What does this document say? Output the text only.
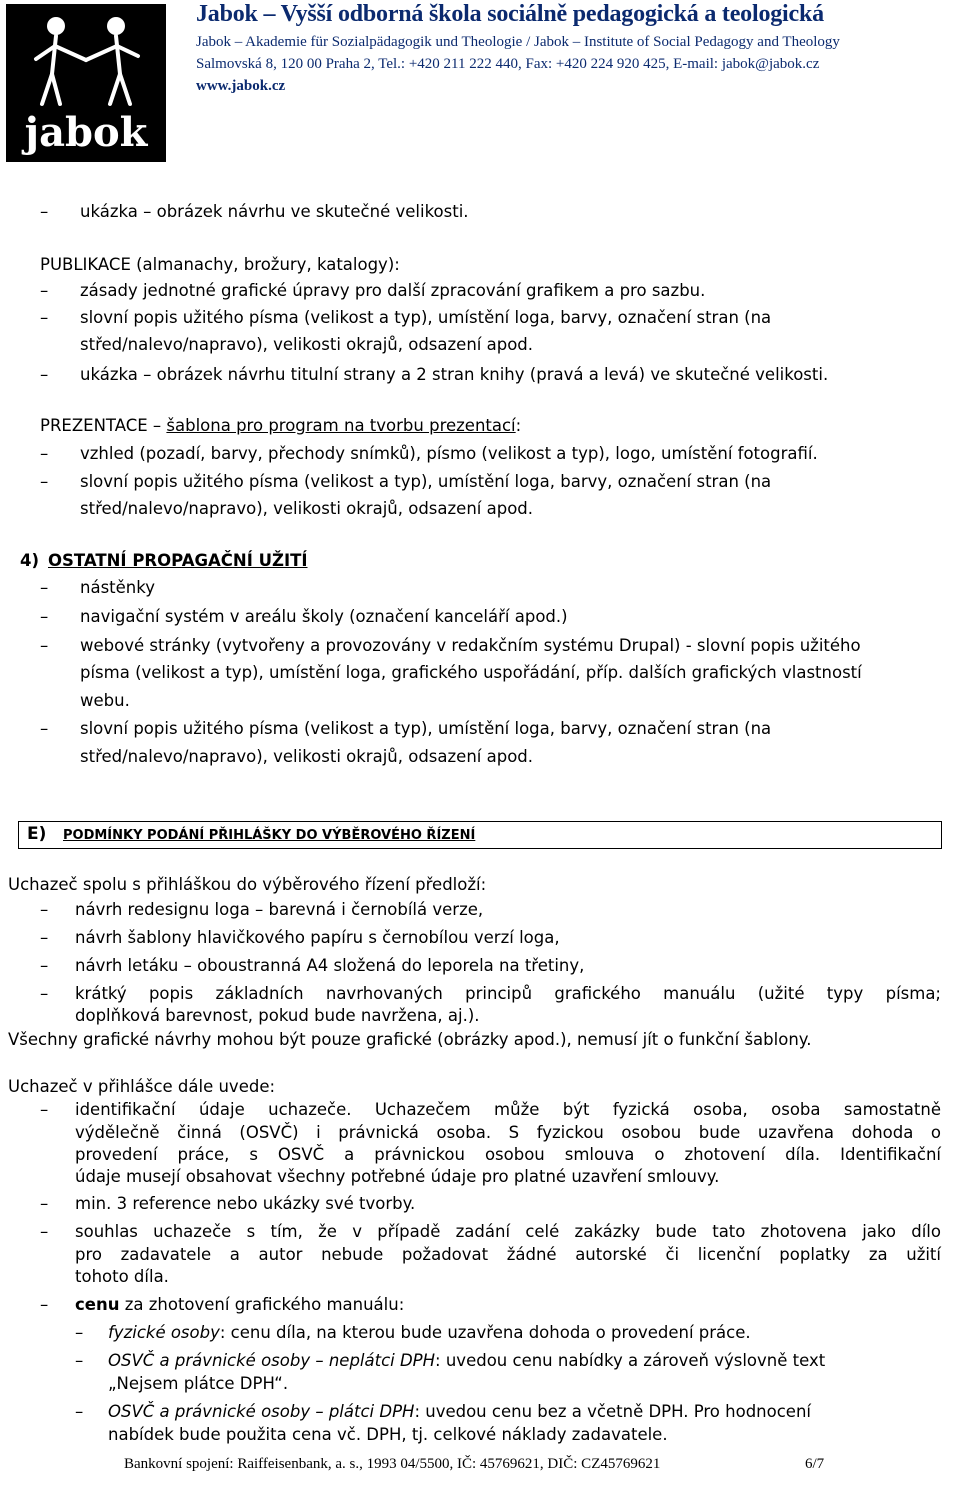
jabok
Jabok – Vyšší odborná škola sociálně pedagogická a teologická
Jabok – Akademie für Sozialpädagogik und Theologie / Jabok – Institute of Social Pedagogy and Theology
Salmovská 8, 120 00 Praha 2, Tel.: +420 211 222 440, Fax: +420 224 920 425, E-mail: jabok@jabok.cz
www.jabok.cz
– ukázka – obrázek návrhu ve skutečné velikosti.
PUBLIKACE (almanachy, brožury, katalogy):
– zásady jednotné grafické úpravy pro další zpracování grafikem a pro sazbu.
– slovní popis užitého písma (velikost a typ), umístění loga, barvy, označení stran (na
střed/nalevo/napravo), velikosti okrajů, odsazení apod.
– ukázka – obrázek návrhu titulní strany a 2 stran knihy (pravá a levá) ve skutečné velikosti.
PREZENTACE – šablona pro program na tvorbu prezentací:
– vzhled (pozadí, barvy, přechody snímků), písmo (velikost a typ), logo, umístění fotografií.
– slovní popis užitého písma (velikost a typ), umístění loga, barvy, označení stran (na
střed/nalevo/napravo), velikosti okrajů, odsazení apod.
4) OSTATNÍ PROPAGAČNÍ UŽITÍ
– nástěnky
– navigační systém v areálu školy (označení kanceláří apod.)
– webové stránky (vytvořeny a provozovány v redakčním systému Drupal) - slovní popis užitého
písma (velikost a typ), umístění loga, grafického uspořádání, příp. dalších grafických vlastností
webu.
– slovní popis užitého písma (velikost a typ), umístění loga, barvy, označení stran (na
střed/nalevo/napravo), velikosti okrajů, odsazení apod.
E) PODMÍNKY PODÁNÍ PŘIHLÁŠKY DO VÝBĚROVÉHO ŘÍZENÍ
Uchazeč spolu s přihláškou do výběrového řízení předloží:
– návrh redesignu loga – barevná i černobílá verze,
– návrh šablony hlavičkového papíru s černobílou verzí loga,
– návrh letáku – oboustranná A4 složená do leporela na třetiny,
– krátký popis základních navrhovaných principů grafického manuálu (užité typy písma;
doplňková barevnost, pokud bude navržena, aj.).
Všechny grafické návrhy mohou být pouze grafické (obrázky apod.), nemusí jít o funkční šablony.
Uchazeč v přihlášce dále uvede:
– identifikační údaje uchazeče. Uchazečem může být fyzická osoba, osoba samostatně
výdělečně činná (OSVČ) i právnická osoba. S fyzickou osobou bude uzavřena dohoda o
provedení práce, s OSVČ a právnickou osobou smlouva o zhotovení díla. Identifikační
údaje musejí obsahovat všechny potřebné údaje pro platné uzavření smlouvy.
– min. 3 reference nebo ukázky své tvorby.
– souhlas uchazeče s tím, že v případě zadání celé zakázky bude tato zhotovena jako dílo
pro zadavatele a autor nebude požadovat žádné autorské či licenční poplatky za užití
tohoto díla.
– cenu za zhotovení grafického manuálu:
– fyzické osoby: cenu díla, na kterou bude uzavřena dohoda o provedení práce.
– OSVČ a právnické osoby – neplátci DPH: uvedou cenu nabídky a zároveň výslovně text
„Nejsem plátce DPH“.
– OSVČ a právnické osoby – plátci DPH: uvedou cenu bez a včetně DPH. Pro hodnocení
nabídek bude použita cena vč. DPH, tj. celkové náklady zadavatele.
Bankovní spojení: Raiffeisenbank, a. s., 1993 04/5500, IČ: 45769621, DIČ: CZ45769621	6/7
